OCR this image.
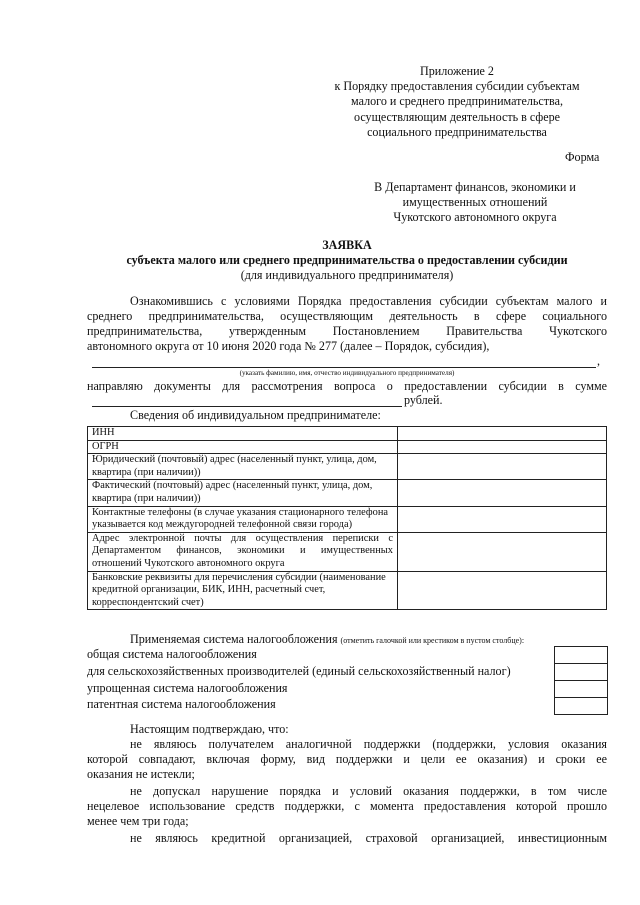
Приложение 2
к Порядку предоставления субсидии субъектам
малого и среднего предпринимательства,
осуществляющим деятельность в сфере
социального предпринимательства
Форма
В Департамент финансов, экономики и
имущественных отношений
Чукотского автономного округа
ЗАЯВКА
субъекта малого или среднего предпринимательства о предоставлении субсидии
(для индивидуального предпринимателя)
Ознакомившись с условиями Порядка предоставления субсидии субъектам малого и
среднего предпринимательства, осуществляющим деятельность в сфере социального
предпринимательства, утвержденным Постановлением Правительства Чукотского
автономного округа от 10 июня 2020 года № 277 (далее – Порядок, субсидия),
,
(указать фамилию, имя, отчество индивидуального предпринимателя)
направляю документы для рассмотрения вопроса о предоставлении субсидии в сумме
рублей.
Сведения об индивидуальном предпринимателе:
ИНН	
ОГРН	
Юридический (почтовый) адрес (населенный пункт, улица, дом, квартира (при наличии))	
Фактический (почтовый) адрес (населенный пункт, улица, дом, квартира (при наличии))	
Контактные телефоны (в случае указания стационарного телефона указывается код междугородней телефонной связи города)	
Адрес электронной почты для осуществления переписки с Департаментом финансов, экономики и имущественных отношений Чукотского автономного округа	
Банковские реквизиты для перечисления субсидии (наименование кредитной организации, БИК, ИНН, расчетный счет, корреспондентский счет)	
Применяемая система налогообложения (отметить галочкой или крестиком в пустом столбце):
общая система налогообложения
для сельскохозяйственных производителей (единый сельскохозяйственный налог)
упрощенная система налогообложения
патентная система налогообложения

Настоящим подтверждаю, что:
не являюсь получателем аналогичной поддержки (поддержки, условия оказания
которой совпадают, включая форму, вид поддержки и цели ее оказания) и сроки ее
оказания не истекли;
не допускал нарушение порядка и условий оказания поддержки, в том числе
нецелевое использование средств поддержки, с момента предоставления которой прошло
менее чем три года;
не являюсь кредитной организацией, страховой организацией, инвестиционным
